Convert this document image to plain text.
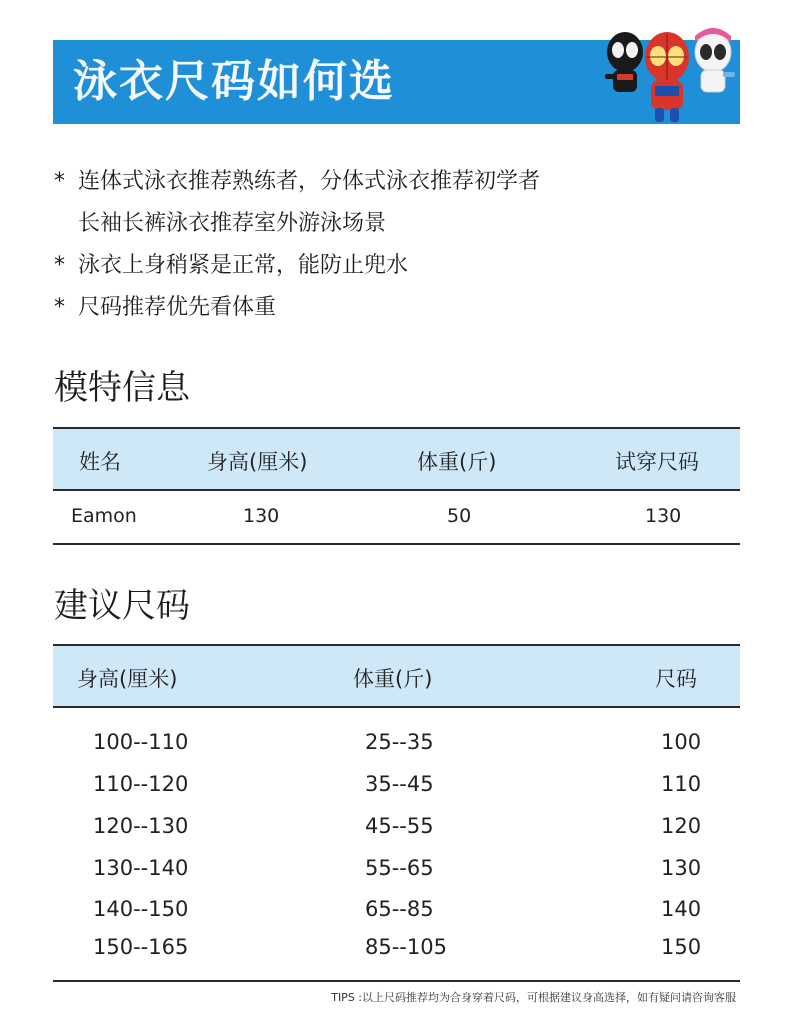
泳衣尺码如何选
* 连体式泳衣推荐熟练者，分体式泳衣推荐初学者
长袖长裤泳衣推荐室外游泳场景
* 泳衣上身稍紧是正常，能防止兜水
* 尺码推荐优先看体重
模特信息
姓名	身高(厘米)	体重(斤)	试穿尺码
Eamon	130	50	130
建议尺码
身高(厘米)	体重(斤)	尺码
100--110	25--35	100
110--120	35--45	110
120--130	45--55	120
130--140	55--65	130
140--150	65--85	140
150--165	85--105	150
TIPS :以上尺码推荐均为合身穿着尺码，可根据建议身高选择，如有疑问请咨询客服
